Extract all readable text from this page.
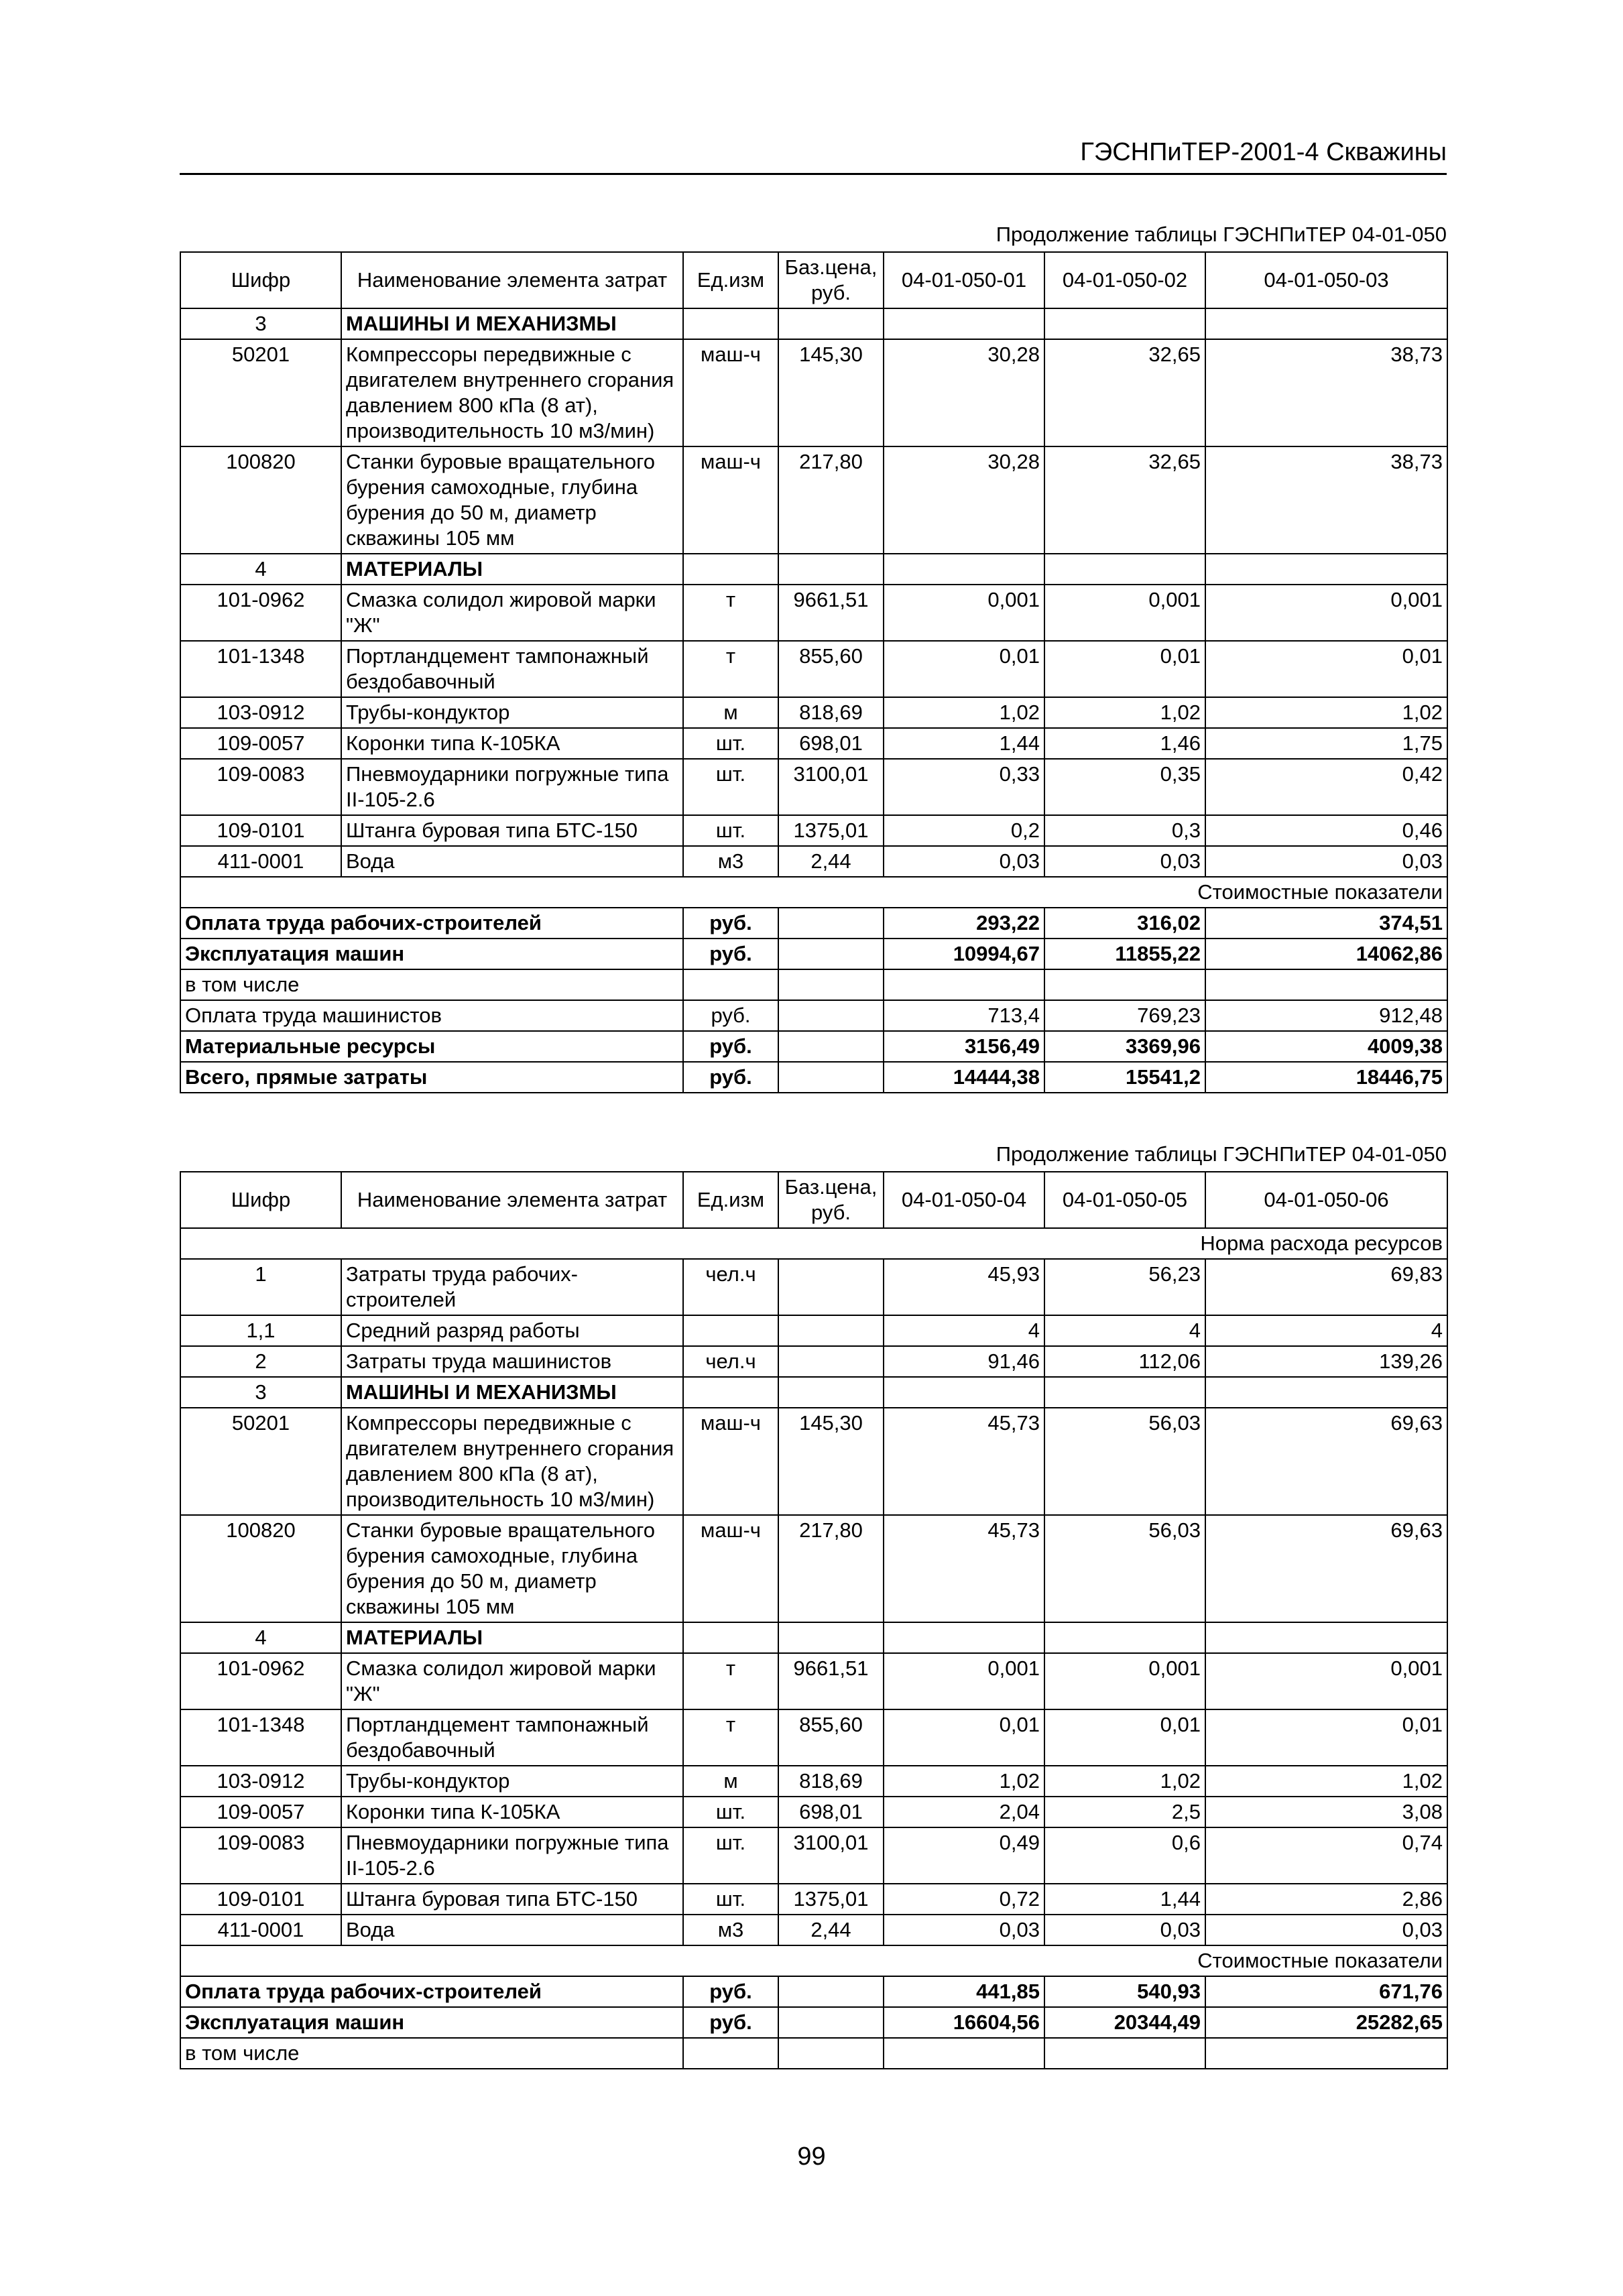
ГЭСНПиТЕР-2001-4 Скважины
Продолжение таблицы ГЭСНПиТЕР 04-01-050
Шифр	Наименование элемента затрат	Ед.изм	Баз.цена, руб.	04-01-050-01	04-01-050-02	04-01-050-03
3	МАШИНЫ И МЕХАНИЗМЫ					
50201	Компрессоры передвижные с двигателем внутреннего сгорания давлением 800 кПа (8 ат), производительность 10 м3/мин)	маш-ч	145,30	30,28	32,65	38,73
100820	Станки буровые вращательного бурения самоходные, глубина бурения до 50 м, диаметр скважины 105 мм	маш-ч	217,80	30,28	32,65	38,73
4	МАТЕРИАЛЫ					
101-0962	Смазка солидол жировой марки "Ж"	т	9661,51	0,001	0,001	0,001
101-1348	Портландцемент тампонажный бездобавочный	т	855,60	0,01	0,01	0,01
103-0912	Трубы-кондуктор	м	818,69	1,02	1,02	1,02
109-0057	Коронки типа К-105КА	шт.	698,01	1,44	1,46	1,75
109-0083	Пневмоударники погружные типа II-105-2.6	шт.	3100,01	0,33	0,35	0,42
109-0101	Штанга буровая типа БТС-150	шт.	1375,01	0,2	0,3	0,46
411-0001	Вода	м3	2,44	0,03	0,03	0,03
Стоимостные показатели						
Оплата труда рабочих-строителей		руб.		293,22	316,02	374,51
Эксплуатация машин		руб.		10994,67	11855,22	14062,86
в том числе						
Оплата труда машинистов		руб.		713,4	769,23	912,48
Материальные ресурсы		руб.		3156,49	3369,96	4009,38
Всего, прямые затраты		руб.		14444,38	15541,2	18446,75
Продолжение таблицы ГЭСНПиТЕР 04-01-050
Шифр	Наименование элемента затрат	Ед.изм	Баз.цена, руб.	04-01-050-04	04-01-050-05	04-01-050-06
Норма расхода ресурсов						
1	Затраты труда рабочих-строителей	чел.ч		45,93	56,23	69,83
1,1	Средний разряд работы			4	4	4
2	Затраты труда машинистов	чел.ч		91,46	112,06	139,26
3	МАШИНЫ И МЕХАНИЗМЫ					
50201	Компрессоры передвижные с двигателем внутреннего сгорания давлением 800 кПа (8 ат), производительность 10 м3/мин)	маш-ч	145,30	45,73	56,03	69,63
100820	Станки буровые вращательного бурения самоходные, глубина бурения до 50 м, диаметр скважины 105 мм	маш-ч	217,80	45,73	56,03	69,63
4	МАТЕРИАЛЫ					
101-0962	Смазка солидол жировой марки "Ж"	т	9661,51	0,001	0,001	0,001
101-1348	Портландцемент тампонажный бездобавочный	т	855,60	0,01	0,01	0,01
103-0912	Трубы-кондуктор	м	818,69	1,02	1,02	1,02
109-0057	Коронки типа К-105КА	шт.	698,01	2,04	2,5	3,08
109-0083	Пневмоударники погружные типа II-105-2.6	шт.	3100,01	0,49	0,6	0,74
109-0101	Штанга буровая типа БТС-150	шт.	1375,01	0,72	1,44	2,86
411-0001	Вода	м3	2,44	0,03	0,03	0,03
Стоимостные показатели						
Оплата труда рабочих-строителей		руб.		441,85	540,93	671,76
Эксплуатация машин		руб.		16604,56	20344,49	25282,65
в том числе						
99
